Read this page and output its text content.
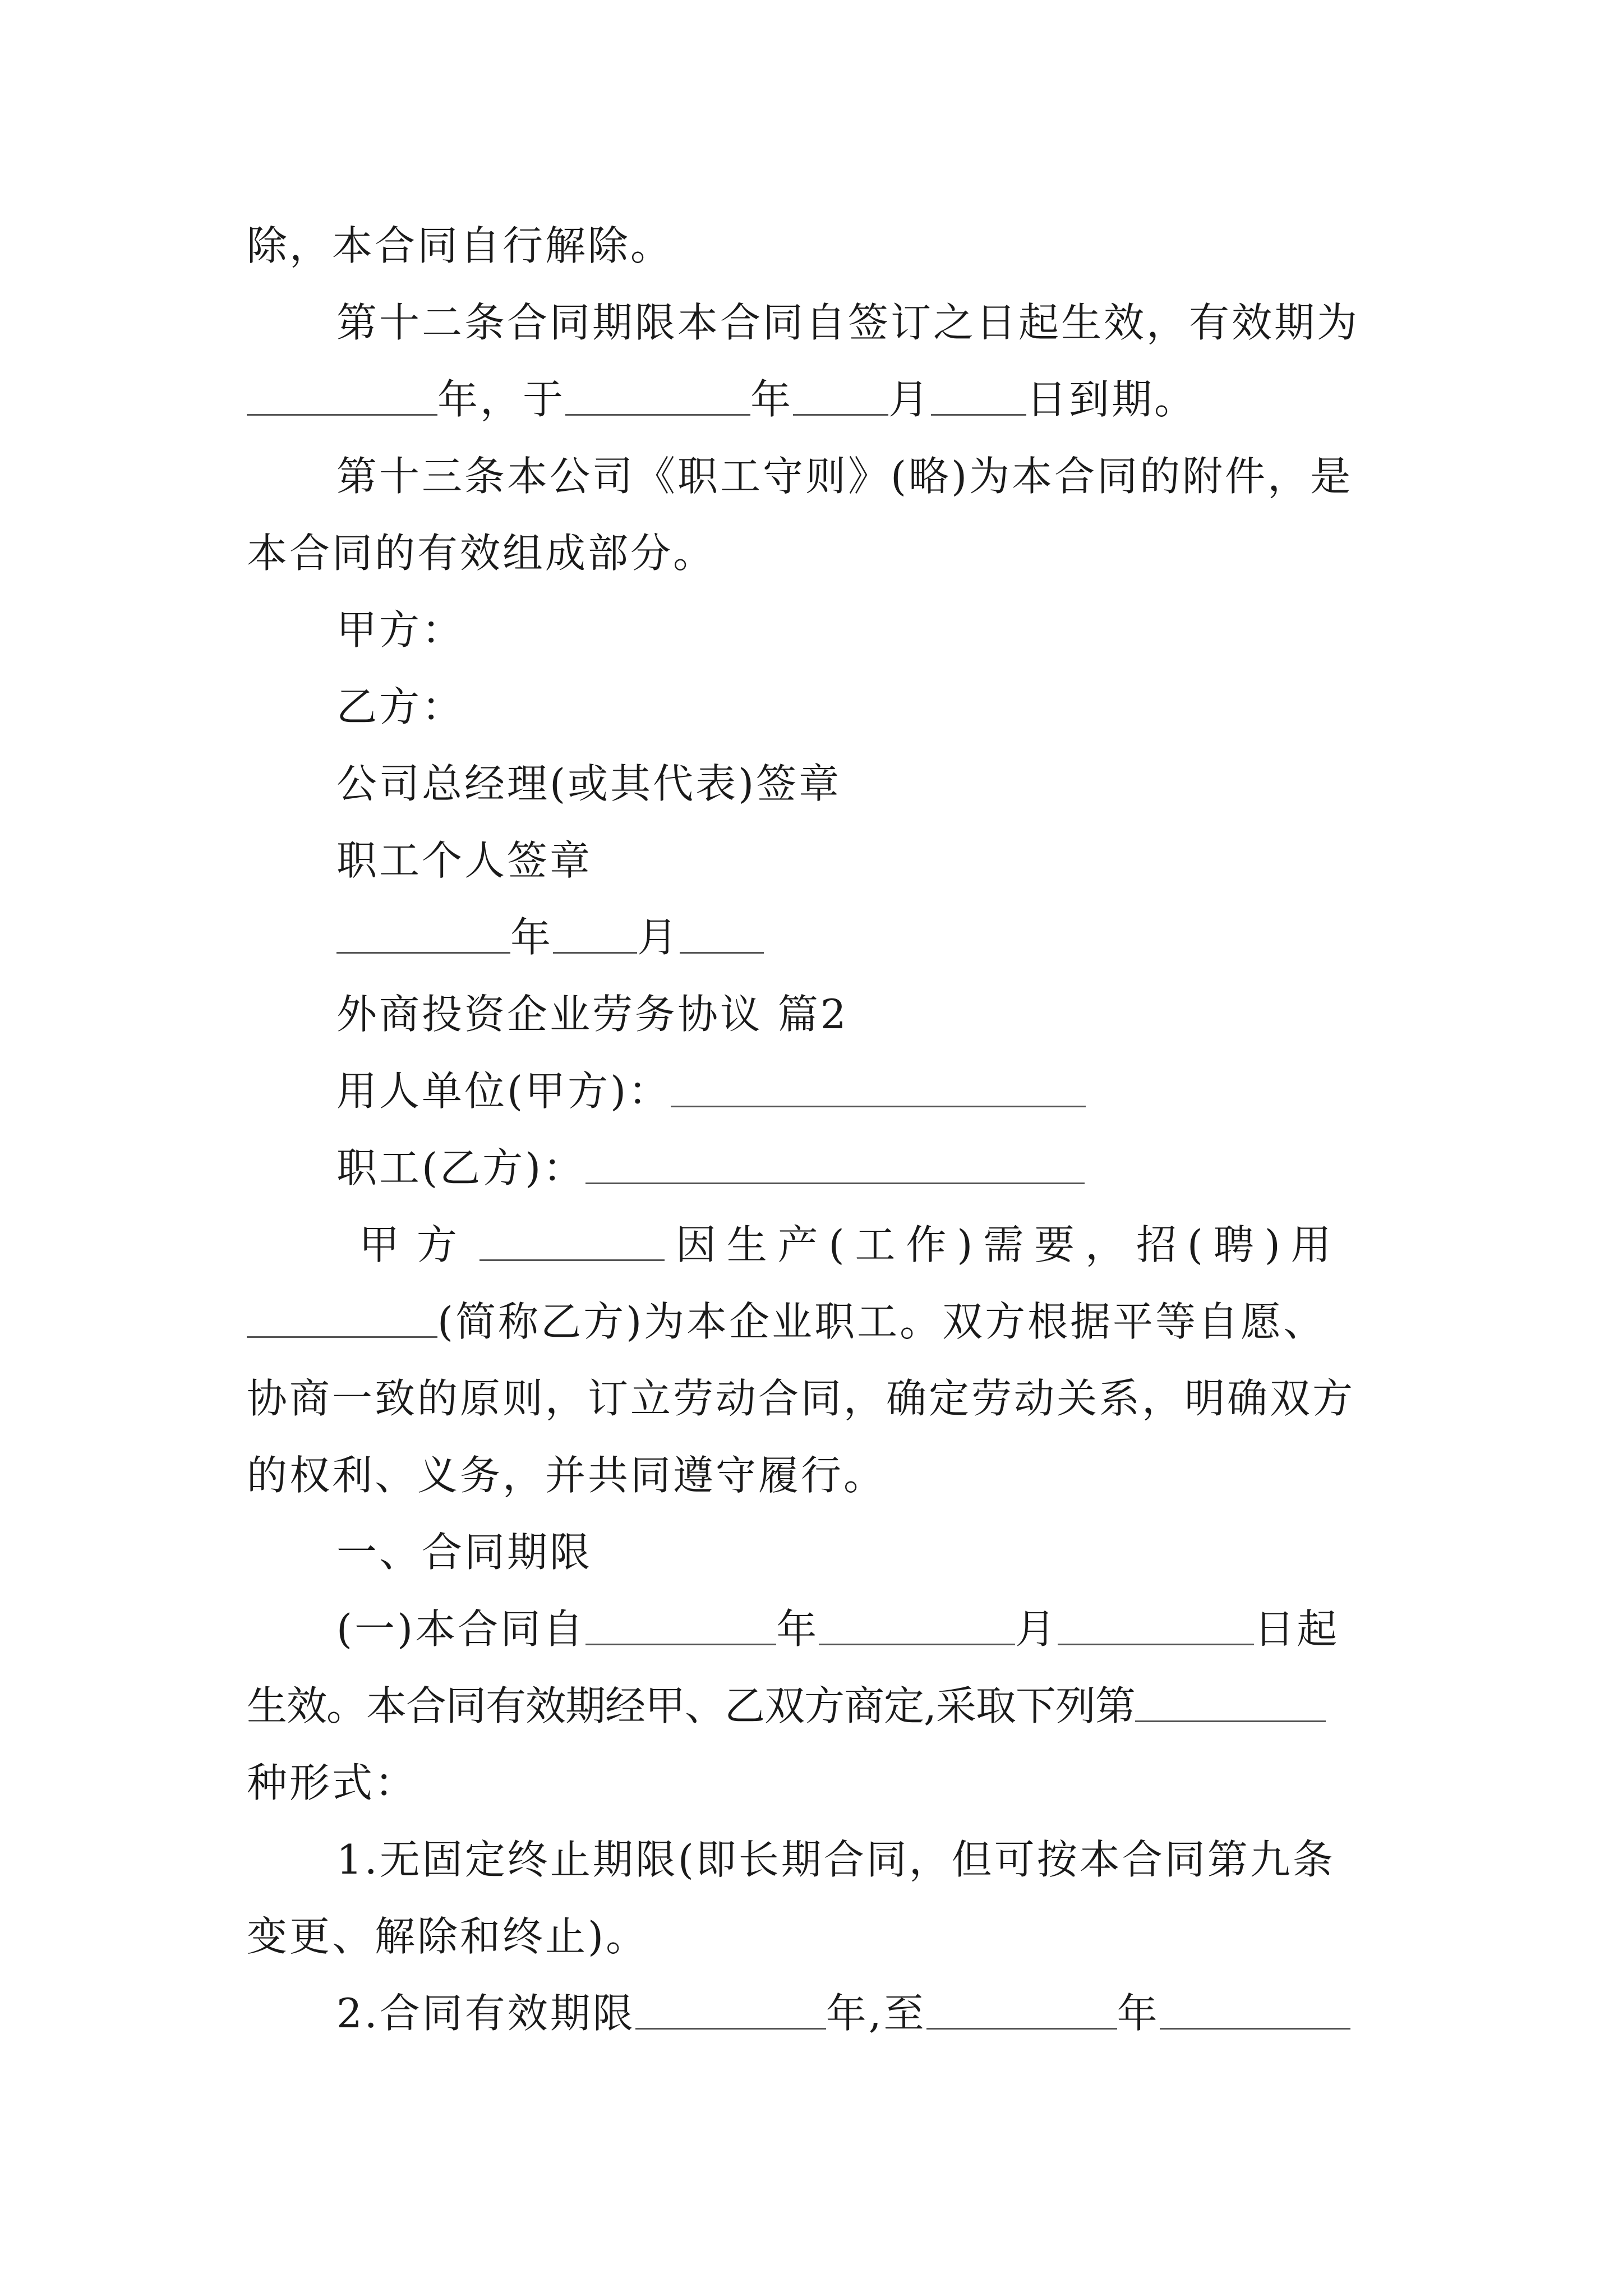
除，本合同自行解除。
第十二条合同期限本合同自签订之日起生效，有效期为
年，于	年 月 日到期。
第十三条本公司《职工守则》(略)为本合同的附件，是
本合同的有效组成部分。
甲方：
乙方：
公司总经理(或其代表)签章
职工个人签章
年 月
外商投资企业劳务协议 篇2
用人单位(甲方)：
职工(乙方)：
甲 方	因 生 产 ( 工 作 ) 需 要 ， 招 ( 聘 ) 用
(简称乙方)为本企业职工。双方根据平等自愿、
协商一致的原则，订立劳动合同，确定劳动关系，明确双方
的权利、义务，并共同遵守履行。
一、合同期限
(一)本合同自	年	月	日起
生效。本合同有效期经甲、乙双方商定,采取下列第
种形式：
1.无固定终止期限(即长期合同，但可按本合同第九条
变更、解除和终止)。
2.合同有效期限	年,至	年
